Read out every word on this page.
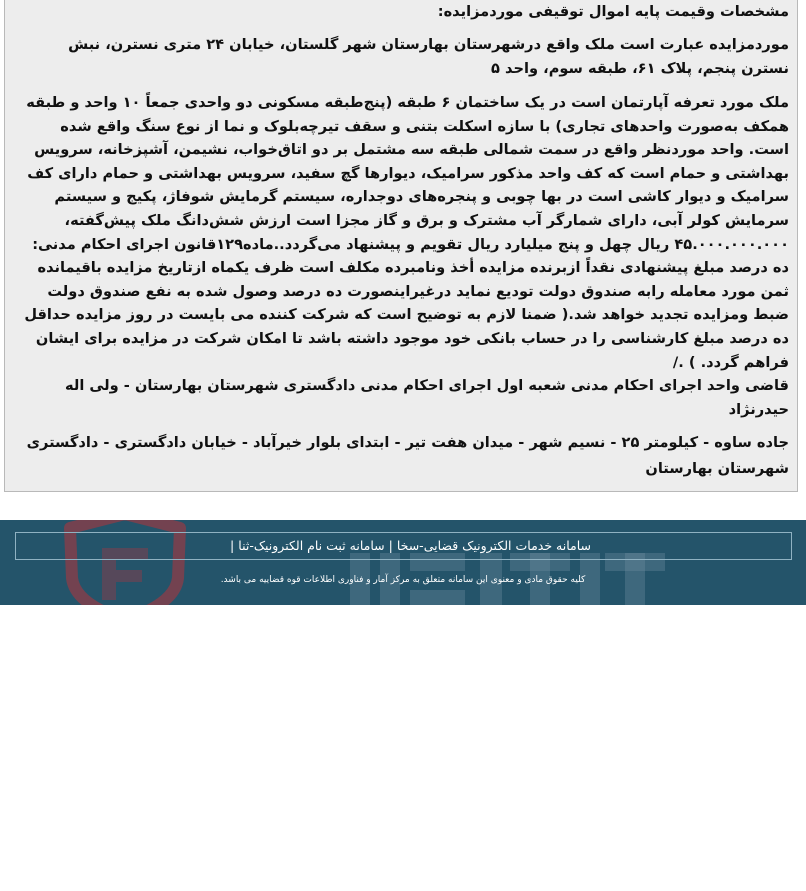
مشخصات وقیمت پایه اموال توقیفی موردمزایده:

موردمزایده عبارت است ملک واقع درشهرستان بهارستان شهر گلستان، خیابان ۲۴ متری نسترن، نبش نسترن پنجم، پلاک ۶۱، طبقه سوم، واحد ۵

ملک مورد تعرفه آپارتمان است در یک ساختمان ۶ طبقه (پنج‌طبقه مسکونی دو واحدی جمعاً ۱۰ واحد و طبقه همکف به‌صورت واحدهای تجاری) با سازه اسکلت بتنی و سقف تیرچه‌بلوک و نما از نوع سنگ واقع شده است. واحد موردنظر واقع در سمت شمالی طبقه سه مشتمل بر دو اتاق‌خواب، نشیمن، آشپزخانه، سرویس بهداشتی و حمام است که کف واحد مذکور سرامیک، دیوارها گچ سفید، سرویس بهداشتی و حمام دارای کف سرامیک و دیوار کاشی است در بها چوبی و پنجره‌های دوجداره، سیستم گرمایش شوفاژ، پکیج و سیستم سرمایش کولر آبی، دارای شمارگر آب مشترک و برق و گاز مجزا است ارزش شش‌دانگ ملک پیش‌گفته، ۴۵.۰۰۰.۰۰۰.۰۰۰ ریال چهل و پنج میلیارد ریال تقویم و پیشنهاد می‌گردد..ماده۱۲۹قانون اجرای احکام مدنی: ده درصد مبلغ پیشنهادی نقداً ازبرنده مزایده أخذ ونامبرده مکلف است ظرف یکماه ازتاریخ مزایده باقیمانده ثمن مورد معامله رابه صندوق دولت تودیع نماید درغیراینصورت ده درصد وصول شده به نفع صندوق دولت ضبط ومزایده تجدید خواهد شد.( ضمنا لازم به توضیح است که شرکت کننده می بایست در روز مزایده حداقل ده درصد مبلغ کارشناسی را در حساب بانکی خود موجود داشته باشد تا امکان شرکت در مزایده برای ایشان فراهم گردد. ) ./

قاضی واحد اجرای احکام مدنی شعبه اول اجرای احکام مدنی دادگستری شهرستان بهارستان - ولی اله حیدرنژاد

جاده ساوه - کیلومتر ۲۵ - نسیم شهر - میدان هفت تیر - ابتدای بلوار خیرآباد - خیابان دادگستری - دادگستری شهرستان بهارستان

سامانه خدمات الکترونیک قضایی-سخا|سامانه ثبت نام الکترونیک-ثنا|
کلیه حقوق مادی و معنوی این سامانه متعلق به مرکز آمار و فناوری اطلاعات قوه قضاییه می باشد.
